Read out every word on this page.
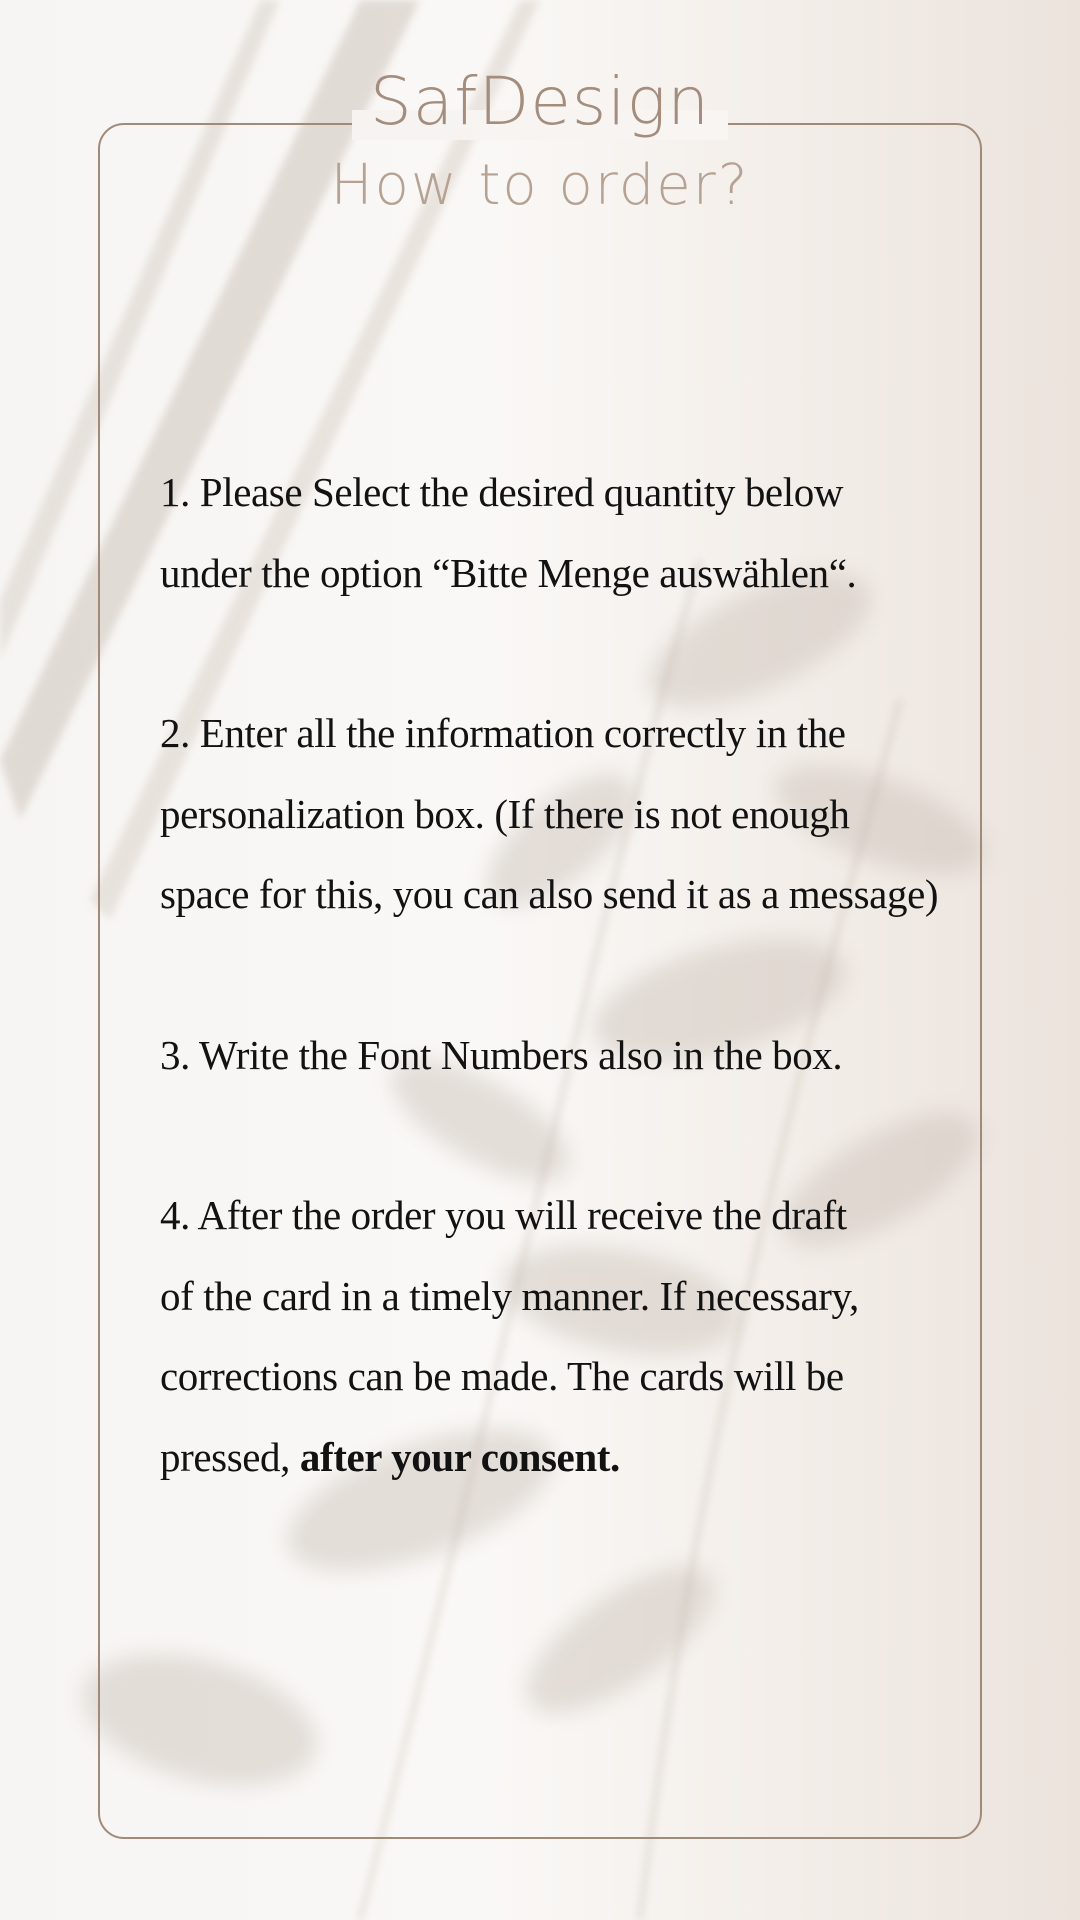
SafDesign
How to order?

1. Please Select the desired quantity below

under the option “Bitte Menge auswählen“.

2. Enter all the information correctly in the

personalization box. (If there is not enough

space for this, you can also send it as a message)

3. Write the Font Numbers also in the box.

4. After the order you will receive the draft

of the card in a timely manner. If necessary,

corrections can be made. The cards will be

pressed, after your consent.
